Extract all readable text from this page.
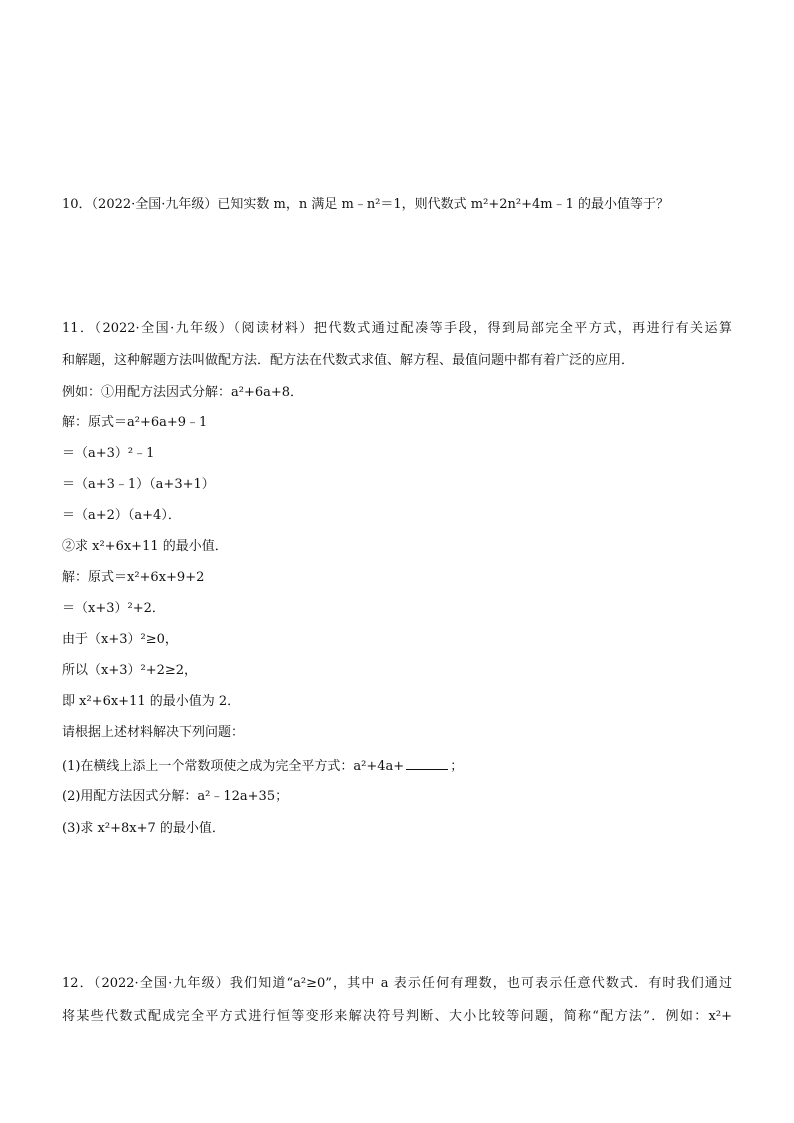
10．（2022·全国·九年级）已知实数 m，n 满足 m﹣n²＝1，则代数式 m²+2n²+4m﹣1 的最小值等于？
11．（2022·全国·九年级）（阅读材料）把代数式通过配凑等手段，得到局部完全平方式，再进行有关运算
和解题，这种解题方法叫做配方法．配方法在代数式求值、解方程、最值问题中都有着广泛的应用．
例如：①用配方法因式分解：a²+6a+8．
解：原式＝a²+6a+9﹣1
＝（a+3）²﹣1
＝（a+3﹣1）（a+3+1）
＝（a+2）（a+4）．
②求 x²+6x+11 的最小值．
解：原式＝x²+6x+9+2
＝（x+3）²+2．
由于（x+3）²≥0，
所以（x+3）²+2≥2，
即 x²+6x+11 的最小值为 2．
请根据上述材料解决下列问题：
(1)在横线上添上一个常数项使之成为完全平方式：a²+4a+	；
(2)用配方法因式分解：a²﹣12a+35；
(3)求 x²+8x+7 的最小值．
12．（2022·全国·九年级）我们知道“a²≥0”，其中 a 表示任何有理数，也可表示任意代数式．有时我们通过
将某些代数式配成完全平方式进行恒等变形来解决符号判断、大小比较等问题，简称“配方法”．例如：x²+
